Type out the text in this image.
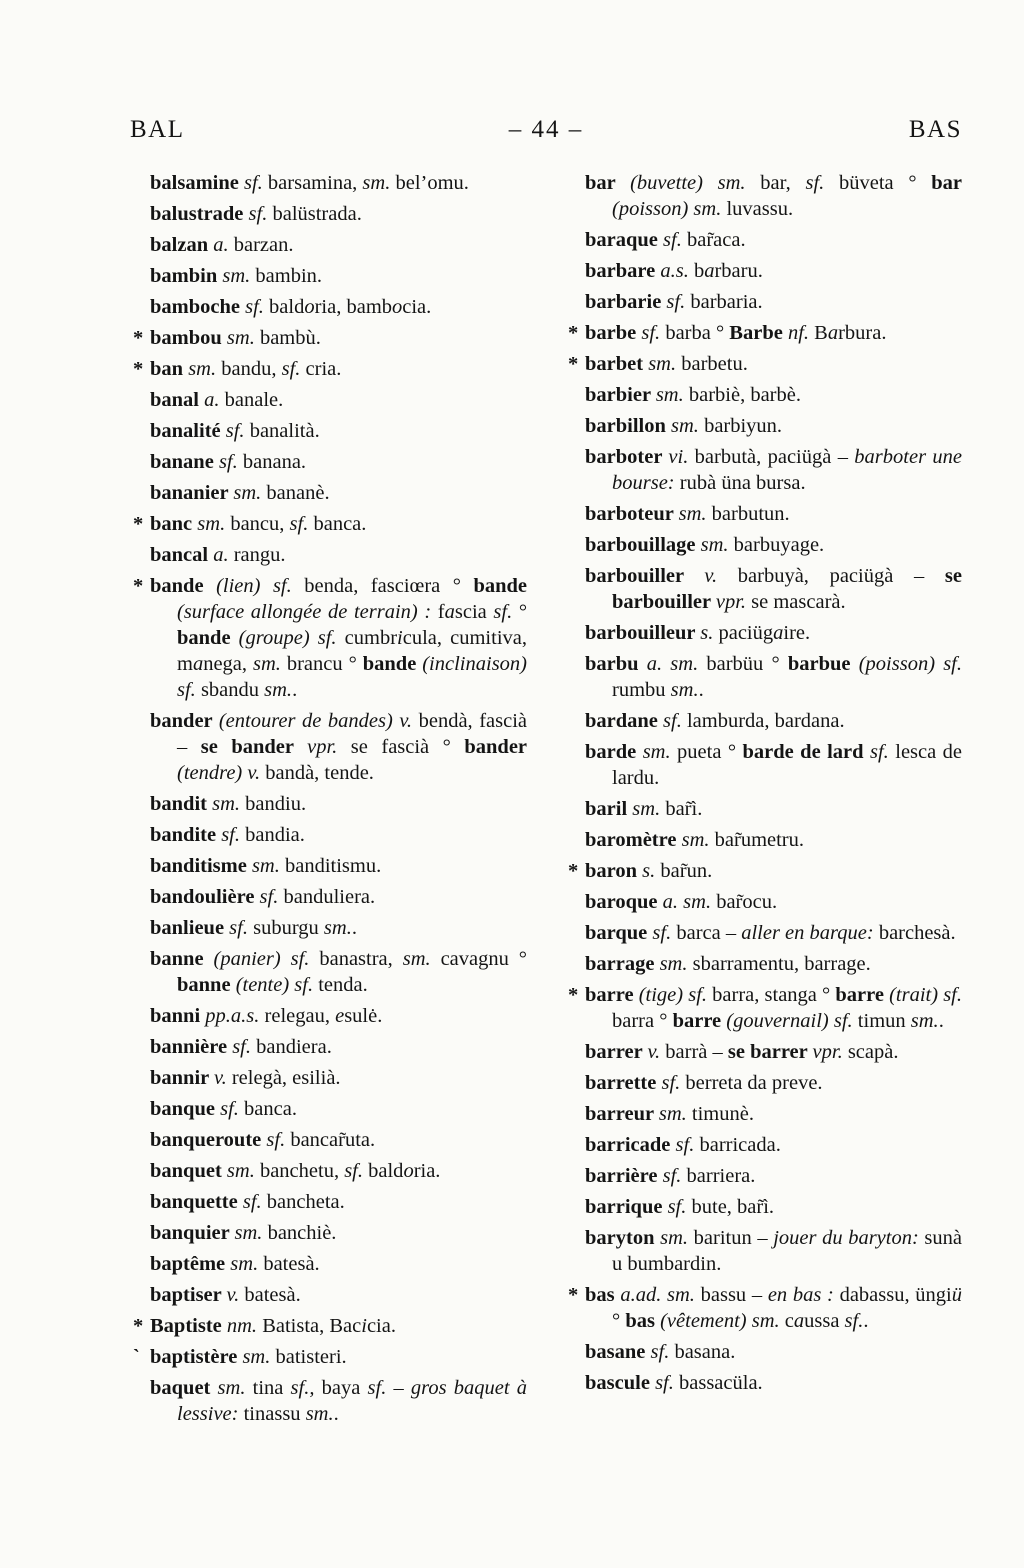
BAL	– 44 –	BAS

balsamine sf. barsamina, sm. bel’omu.

balustrade sf. balüstrada.

balzan a. barzan.

bambin sm. bambin.

bamboche sf. baldoria, bambocia.

* bambou sm. bambù.

* ban sm. bandu, sf. cria.

banal a. banale.

banalité sf. banalità.

banane sf. banana.

bananier sm. bananè.

* banc sm. bancu, sf. banca.

bancal a. rangu.

* bande (lien) sf. benda, fasciœra ° bande (surface allongée de terrain) : fascia sf. ° bande (groupe) sf. cumbricula, cumitiva, manega, sm. brancu ° bande (inclinaison) sf. sbandu sm..

bander (entourer de bandes) v. bendà, fascià – se bander vpr. se fascià ° bander (tendre) v. bandà, tende.

bandit sm. bandiu.

bandite sf. bandia.

banditisme sm. banditismu.

bandoulière sf. banduliera.

banlieue sf. suburgu sm..

banne (panier) sf. banastra, sm. cavagnu ° banne (tente) sf. tenda.

banni pp.a.s. relegau, esulė.

bannière sf. bandiera.

bannir v. relegà, esilià.

banque sf. banca.

banqueroute sf. bancar̃uta.

banquet sm. banchetu, sf. baldoria.

banquette sf. bancheta.

banquier sm. banchiè.

baptême sm. batesà.

baptiser v. batesà.

* Baptiste nm. Batista, Bacicia.

ˋ baptistère sm. batisteri.

baquet sm. tina sf., baya sf. – gros baquet à lessive: tinassu sm..

bar (buvette) sm. bar, sf. büveta ° bar (poisson) sm. luvassu.

baraque sf. bar̃aca.

barbare a.s. barbaru.

barbarie sf. barbaria.

* barbe sf. barba ° Barbe nf. Barbura.

* barbet sm. barbetu.

barbier sm. barbiè, barbè.

barbillon sm. barbiyun.

barboter vi. barbutà, paciügà – barboter une bourse: rubà üna bursa.

barboteur sm. barbutun.

barbouillage sm. barbuyage.

barbouiller v. barbuyà, paciügà – se barbouiller vpr. se mascarà.

barbouilleur s. paciügaire.

barbu a. sm. barbüu ° barbue (poisson) sf. rumbu sm..

bardane sf. lamburda, bardana.

barde sm. pueta ° barde de lard sf. lesca de lardu.

baril sm. bar̃ì.

baromètre sm. bar̃umetru.

* baron s. bar̃un.

baroque a. sm. bar̃ocu.

barque sf. barca – aller en barque: barchesà.

barrage sm. sbarramentu, barrage.

* barre (tige) sf. barra, stanga ° barre (trait) sf. barra ° barre (gouvernail) sf. timun sm..

barrer v. barrà – se barrer vpr. scapà.

barrette sf. berreta da preve.

barreur sm. timunè.

barricade sf. barricada.

barrière sf. barriera.

barrique sf. bute, bar̃ì.

baryton sm. baritun – jouer du baryton: sunà u bumbardin.

* bas a.ad. sm. bassu – en bas : dabassu, üngiü ° bas (vêtement) sm. caussa sf..

basane sf. basana.

bascule sf. bassacüla.
